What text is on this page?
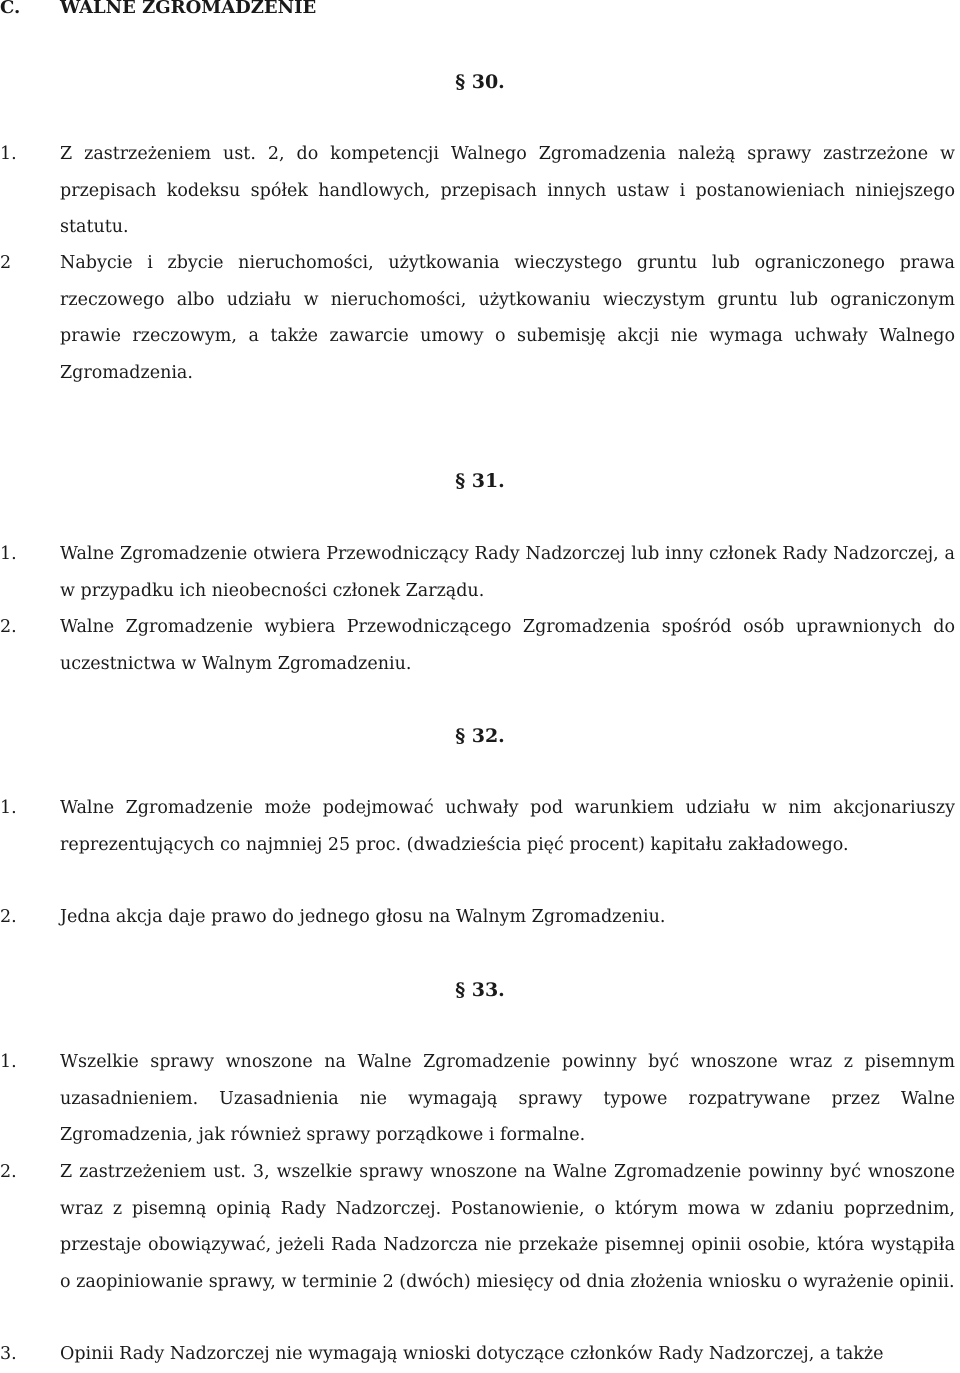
C. WALNE ZGROMADZENIE
§ 30.
1.	Z zastrzeżeniem ust. 2, do kompetencji Walnego Zgromadzenia należą sprawy zastrzeżone w przepisach kodeksu spółek handlowych, przepisach innych ustaw i postanowieniach niniejszego statutu.
2	Nabycie i zbycie nieruchomości, użytkowania wieczystego gruntu lub ograniczonego prawa rzeczowego albo udziału w nieruchomości, użytkowaniu wieczystym gruntu lub ograniczonym prawie rzeczowym, a także zawarcie umowy o subemisję akcji nie wymaga uchwały Walnego Zgromadzenia.
§ 31.
1.	Walne Zgromadzenie otwiera Przewodniczący Rady Nadzorczej lub inny członek Rady Nadzorczej, a w przypadku ich nieobecności członek Zarządu.
2.	Walne Zgromadzenie wybiera Przewodniczącego Zgromadzenia spośród osób uprawnionych do uczestnictwa w Walnym Zgromadzeniu.
§ 32.
1.	Walne Zgromadzenie może podejmować uchwały pod warunkiem udziału w nim akcjonariuszy reprezentujących co najmniej 25 proc. (dwadzieścia pięć procent) kapitału zakładowego.
2.	Jedna akcja daje prawo do jednego głosu na Walnym Zgromadzeniu.
§ 33.
1.	Wszelkie sprawy wnoszone na Walne Zgromadzenie powinny być wnoszone wraz z pisemnym uzasadnieniem. Uzasadnienia nie wymagają sprawy typowe rozpatrywane przez Walne Zgromadzenia, jak również sprawy porządkowe i formalne.
2.	Z zastrzeżeniem ust. 3, wszelkie sprawy wnoszone na Walne Zgromadzenie powinny być wnoszone wraz z pisemną opinią Rady Nadzorczej. Postanowienie, o którym mowa w zdaniu poprzednim, przestaje obowiązywać, jeżeli Rada Nadzorcza nie przekaże pisemnej opinii osobie, która wystąpiła o zaopiniowanie sprawy, w terminie 2 (dwóch) miesięcy od dnia złożenia wniosku o wyrażenie opinii.
3.	Opinii Rady Nadzorczej nie wymagają wnioski dotyczące członków Rady Nadzorczej, a także
